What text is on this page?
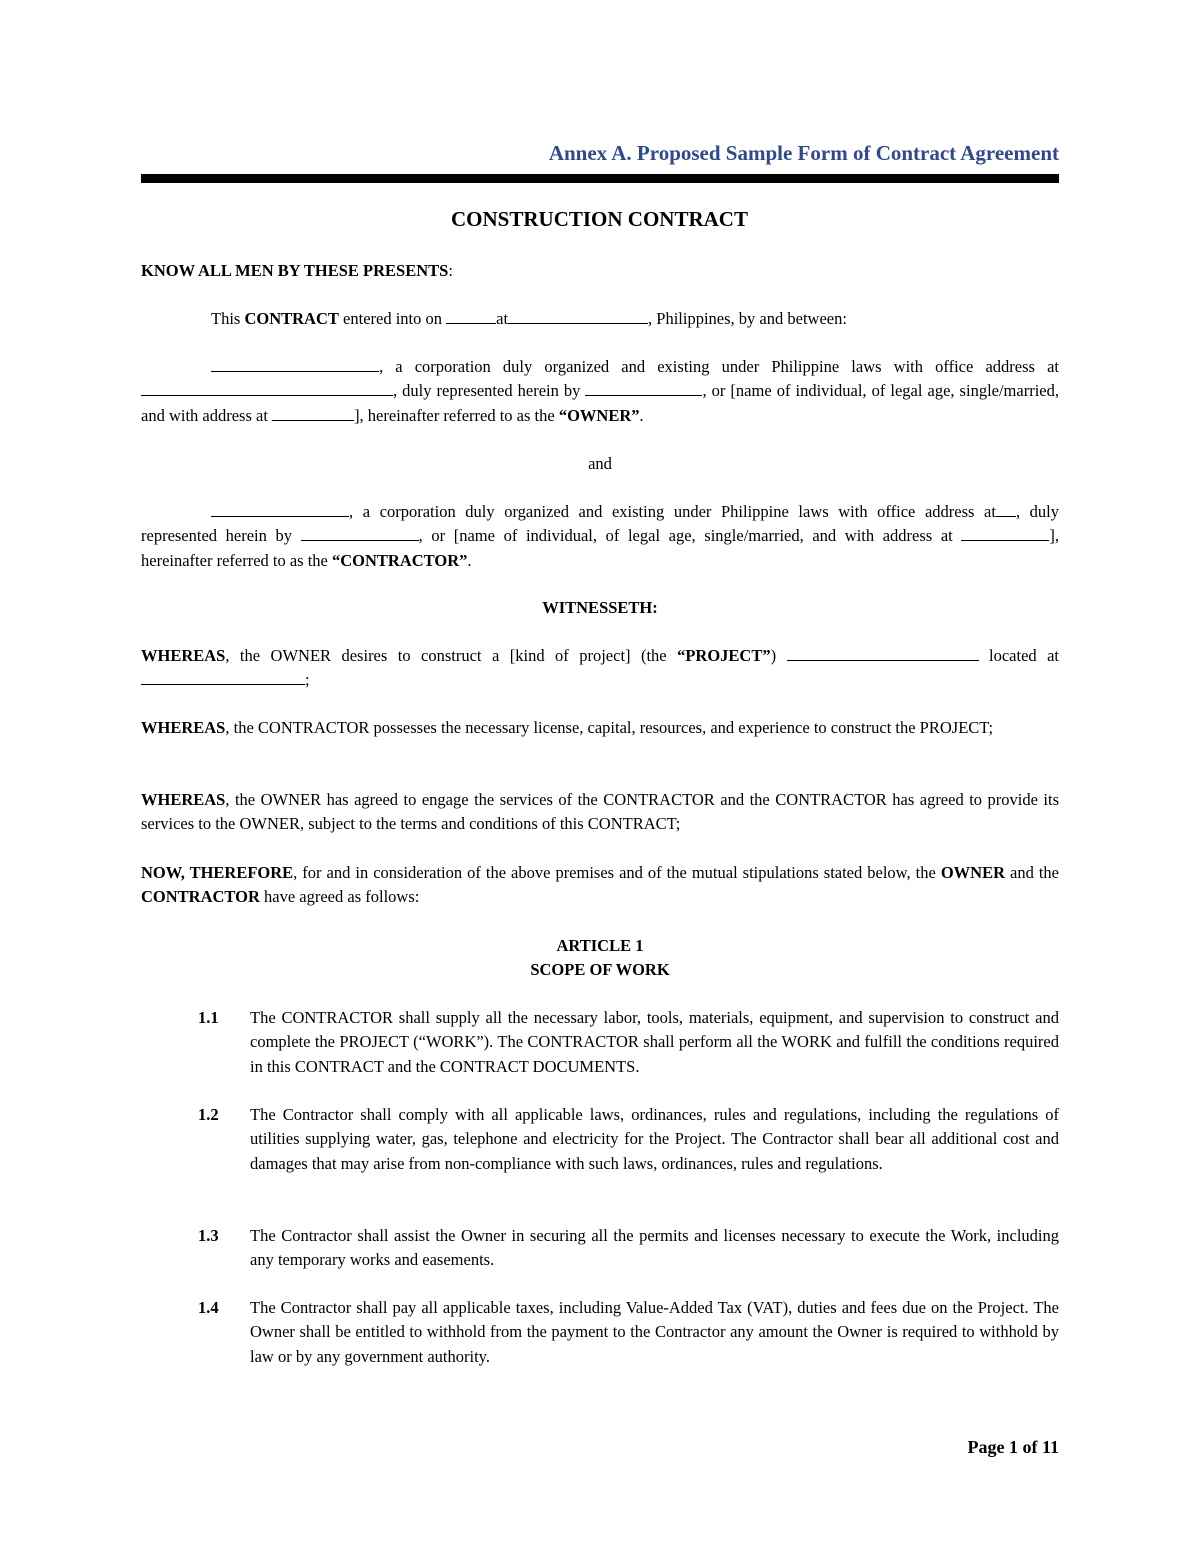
Annex A. Proposed Sample Form of Contract Agreement
CONSTRUCTION CONTRACT
KNOW ALL MEN BY THESE PRESENTS:
This CONTRACT entered into on	at	, Philippines, by and between:
, a corporation duly organized and existing under Philippine laws with office address at , duly represented herein by	, or [name of individual, of legal age, single/married, and with address at	], hereinafter referred to as the “OWNER”.
and
, a corporation duly organized and existing under Philippine laws with office address at , duly represented herein by	, or [name of individual, of legal age, single/married, and with address at	], hereinafter referred to as the “CONTRACTOR”.
WITNESSETH:
WHEREAS, the OWNER desires to construct a [kind of project] (the “PROJECT”)	located at ;
WHEREAS, the CONTRACTOR possesses the necessary license, capital, resources, and experience to construct the PROJECT;
WHEREAS, the OWNER has agreed to engage the services of the CONTRACTOR and the CONTRACTOR has agreed to provide its services to the OWNER, subject to the terms and conditions of this CONTRACT;
NOW, THEREFORE, for and in consideration of the above premises and of the mutual stipulations stated below, the OWNER and the CONTRACTOR have agreed as follows:
ARTICLE 1
SCOPE OF WORK
1.1	The CONTRACTOR shall supply all the necessary labor, tools, materials, equipment, and supervision to construct and complete the PROJECT (“WORK”). The CONTRACTOR shall perform all the WORK and fulfill the conditions required in this CONTRACT and the CONTRACT DOCUMENTS.
1.2	The Contractor shall comply with all applicable laws, ordinances, rules and regulations, including the regulations of utilities supplying water, gas, telephone and electricity for the Project. The Contractor shall bear all additional cost and damages that may arise from non-compliance with such laws, ordinances, rules and regulations.
1.3	The Contractor shall assist the Owner in securing all the permits and licenses necessary to execute the Work, including any temporary works and easements.
1.4	The Contractor shall pay all applicable taxes, including Value-Added Tax (VAT), duties and fees due on the Project. The Owner shall be entitled to withhold from the payment to the Contractor any amount the Owner is required to withhold by law or by any government authority.
Page 1 of 11
